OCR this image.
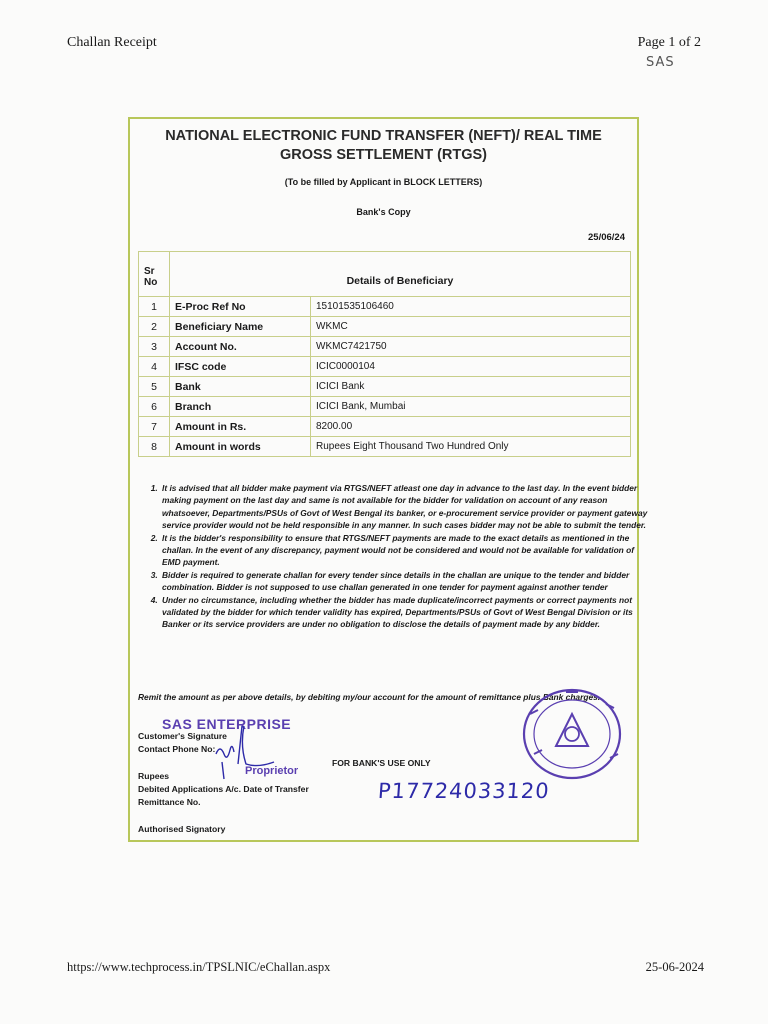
Challan Receipt	Page 1 of 2
SAS
NATIONAL ELECTRONIC FUND TRANSFER (NEFT)/ REAL TIME GROSS SETTLEMENT (RTGS)
(To be filled by Applicant in BLOCK LETTERS)
Bank's Copy
25/06/24
Sr No	Details of Beneficiary	
1	E-Proc Ref No	15101535106460
2	Beneficiary Name	WKMC
3	Account No.	WKMC7421750
4	IFSC code	ICIC0000104
5	Bank	ICICI Bank
6	Branch	ICICI Bank, Mumbai
7	Amount in Rs.	8200.00
8	Amount in words	Rupees Eight Thousand Two Hundred Only
1. It is advised that all bidder make payment via RTGS/NEFT atleast one day in advance to the last day. In the event bidder making payment on the last day and same is not available for the bidder for validation on account of any reason whatsoever, Departments/PSUs of Govt of West Bengal its banker, or e-procurement service provider or payment gateway service provider would not be held responsible in any manner. In such cases bidder may not be able to submit the tender.
2. It is the bidder's responsibility to ensure that RTGS/NEFT payments are made to the exact details as mentioned in the challan. In the event of any discrepancy, payment would not be considered and would not be available for validation of EMD payment.
3. Bidder is required to generate challan for every tender since details in the challan are unique to the tender and bidder combination. Bidder is not supposed to use challan generated in one tender for payment against another tender
4. Under no circumstance, including whether the bidder has made duplicate/incorrect payments or correct payments not validated by the bidder for which tender validity has expired, Departments/PSUs of Govt of West Bengal Division or its Banker or its service providers are under no obligation to disclose the details of payment made by any bidder.
Remit the amount as per above details, by debiting my/our account for the amount of remittance plus Bank charges.
Customer's Signature
Contact Phone No:
FOR BANK'S USE ONLY
Rupees
Debited Applications A/c. Date of Transfer
Remittance No.
Authorised Signatory
SAS ENTERPRISE
Proprietor
P17724033120
https://www.techprocess.in/TPSLNIC/eChallan.aspx	25-06-2024
